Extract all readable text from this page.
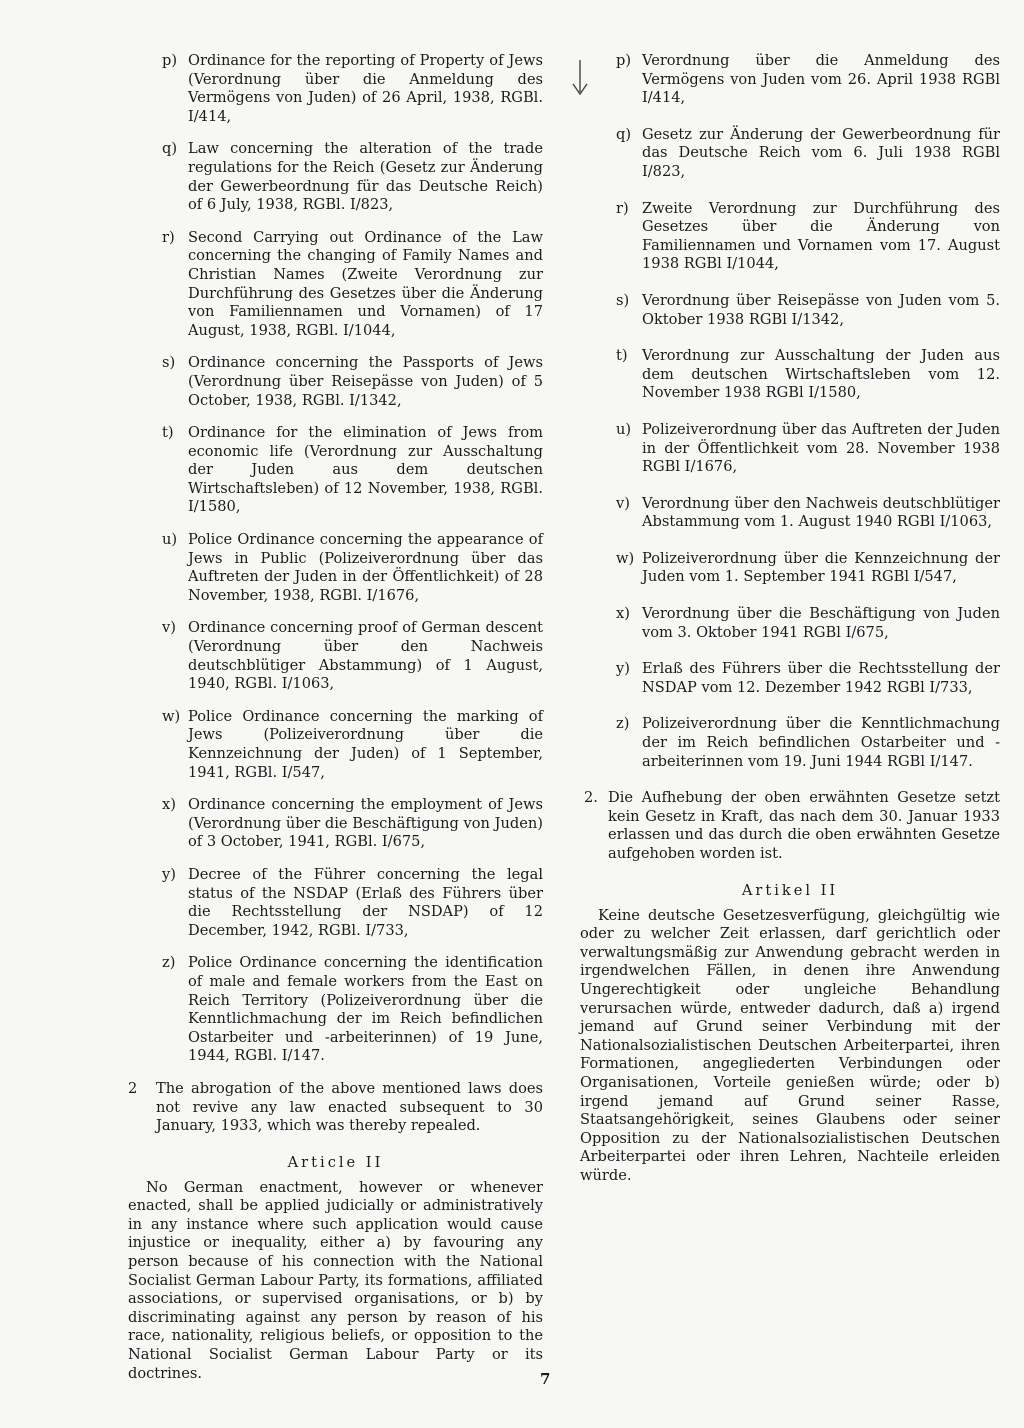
p) Ordinance for the reporting of Property of Jews (Verordnung über die Anmeldung des Vermögens von Juden) of 26 April, 1938, RGBl. I/414,
q) Law concerning the alteration of the trade regulations for the Reich (Gesetz zur Änderung der Gewerbeordnung für das Deutsche Reich) of 6 July, 1938, RGBl. I/823,
r) Second Carrying out Ordinance of the Law concerning the changing of Family Names and Christian Names (Zweite Verordnung zur Durchführung des Gesetzes über die Änderung von Familiennamen und Vornamen) of 17 August, 1938, RGBl. I/1044,
s) Ordinance concerning the Passports of Jews (Verordnung über Reisepässe von Juden) of 5 October, 1938, RGBl. I/1342,
t) Ordinance for the elimination of Jews from economic life (Verordnung zur Ausschaltung der Juden aus dem deutschen Wirtschaftsleben) of 12 November, 1938, RGBl. I/1580,
u) Police Ordinance concerning the appearance of Jews in Public (Polizeiverordnung über das Auftreten der Juden in der Öffentlichkeit) of 28 November, 1938, RGBl. I/1676,
v) Ordinance concerning proof of German descent (Verordnung über den Nachweis deutschblütiger Abstammung) of 1 August, 1940, RGBl. I/1063,
w) Police Ordinance concerning the marking of Jews (Polizeiverordnung über die Kennzeichnung der Juden) of 1 September, 1941, RGBl. I/547,
x) Ordinance concerning the employment of Jews (Verordnung über die Beschäftigung von Juden) of 3 October, 1941, RGBl. I/675,
y) Decree of the Führer concerning the legal status of the NSDAP (Erlaß des Führers über die Rechtsstellung der NSDAP) of 12 December, 1942, RGBl. I/733,
z) Police Ordinance concerning the identification of male and female workers from the East on Reich Territory (Polizeiverordnung über die Kenntlichmachung der im Reich befindlichen Ostarbeiter und -arbeiterinnen) of 19 June, 1944, RGBl. I/147.
2 The abrogation of the above mentioned laws does not revive any law enacted subsequent to 30 January, 1933, which was thereby repealed.
Article II
No German enactment, however or whenever enacted, shall be applied judicially or administratively in any instance where such application would cause injustice or inequality, either a) by favouring any person because of his connection with the National Socialist German Labour Party, its formations, affiliated associations, or supervised organisations, or b) by discriminating against any person by reason of his race, nationality, religious beliefs, or opposition to the National Socialist German Labour Party or its doctrines.
p) Verordnung über die Anmeldung des Vermögens von Juden vom 26. April 1938 RGBl I/414,
q) Gesetz zur Änderung der Gewerbeordnung für das Deutsche Reich vom 6. Juli 1938 RGBl I/823,
r) Zweite Verordnung zur Durchführung des Gesetzes über die Änderung von Familiennamen und Vornamen vom 17. August 1938 RGBl I/1044,
s) Verordnung über Reisepässe von Juden vom 5. Oktober 1938 RGBl I/1342,
t) Verordnung zur Ausschaltung der Juden aus dem deutschen Wirtschaftsleben vom 12. November 1938 RGBl I/1580,
u) Polizeiverordnung über das Auftreten der Juden in der Öffentlichkeit vom 28. November 1938 RGBl I/1676,
v) Verordnung über den Nachweis deutschblütiger Abstammung vom 1. August 1940 RGBl I/1063,
w) Polizeiverordnung über die Kennzeichnung der Juden vom 1. September 1941 RGBl I/547,
x) Verordnung über die Beschäftigung von Juden vom 3. Oktober 1941 RGBl I/675,
y) Erlaß des Führers über die Rechtsstellung der NSDAP vom 12. Dezember 1942 RGBl I/733,
z) Polizeiverordnung über die Kenntlichmachung der im Reich befindlichen Ostarbeiter und -arbeiterinnen vom 19. Juni 1944 RGBl I/147.
2. Die Aufhebung der oben erwähnten Gesetze setzt kein Gesetz in Kraft, das nach dem 30. Januar 1933 erlassen und das durch die oben erwähnten Gesetze aufgehoben worden ist.
Artikel II
Keine deutsche Gesetzesverfügung, gleichgültig wie oder zu welcher Zeit erlassen, darf gerichtlich oder verwaltungsmäßig zur Anwendung gebracht werden in irgendwelchen Fällen, in denen ihre Anwendung Ungerechtigkeit oder ungleiche Behandlung verursachen würde, entweder dadurch, daß a) irgend jemand auf Grund seiner Verbindung mit der Nationalsozialistischen Deutschen Arbeiterpartei, ihren Formationen, angegliederten Verbindungen oder Organisationen, Vorteile genießen würde; oder b) irgend jemand auf Grund seiner Rasse, Staatsangehörigkeit, seines Glaubens oder seiner Opposition zu der Nationalsozialistischen Deutschen Arbeiterpartei oder ihren Lehren, Nachteile erleiden würde.
7
